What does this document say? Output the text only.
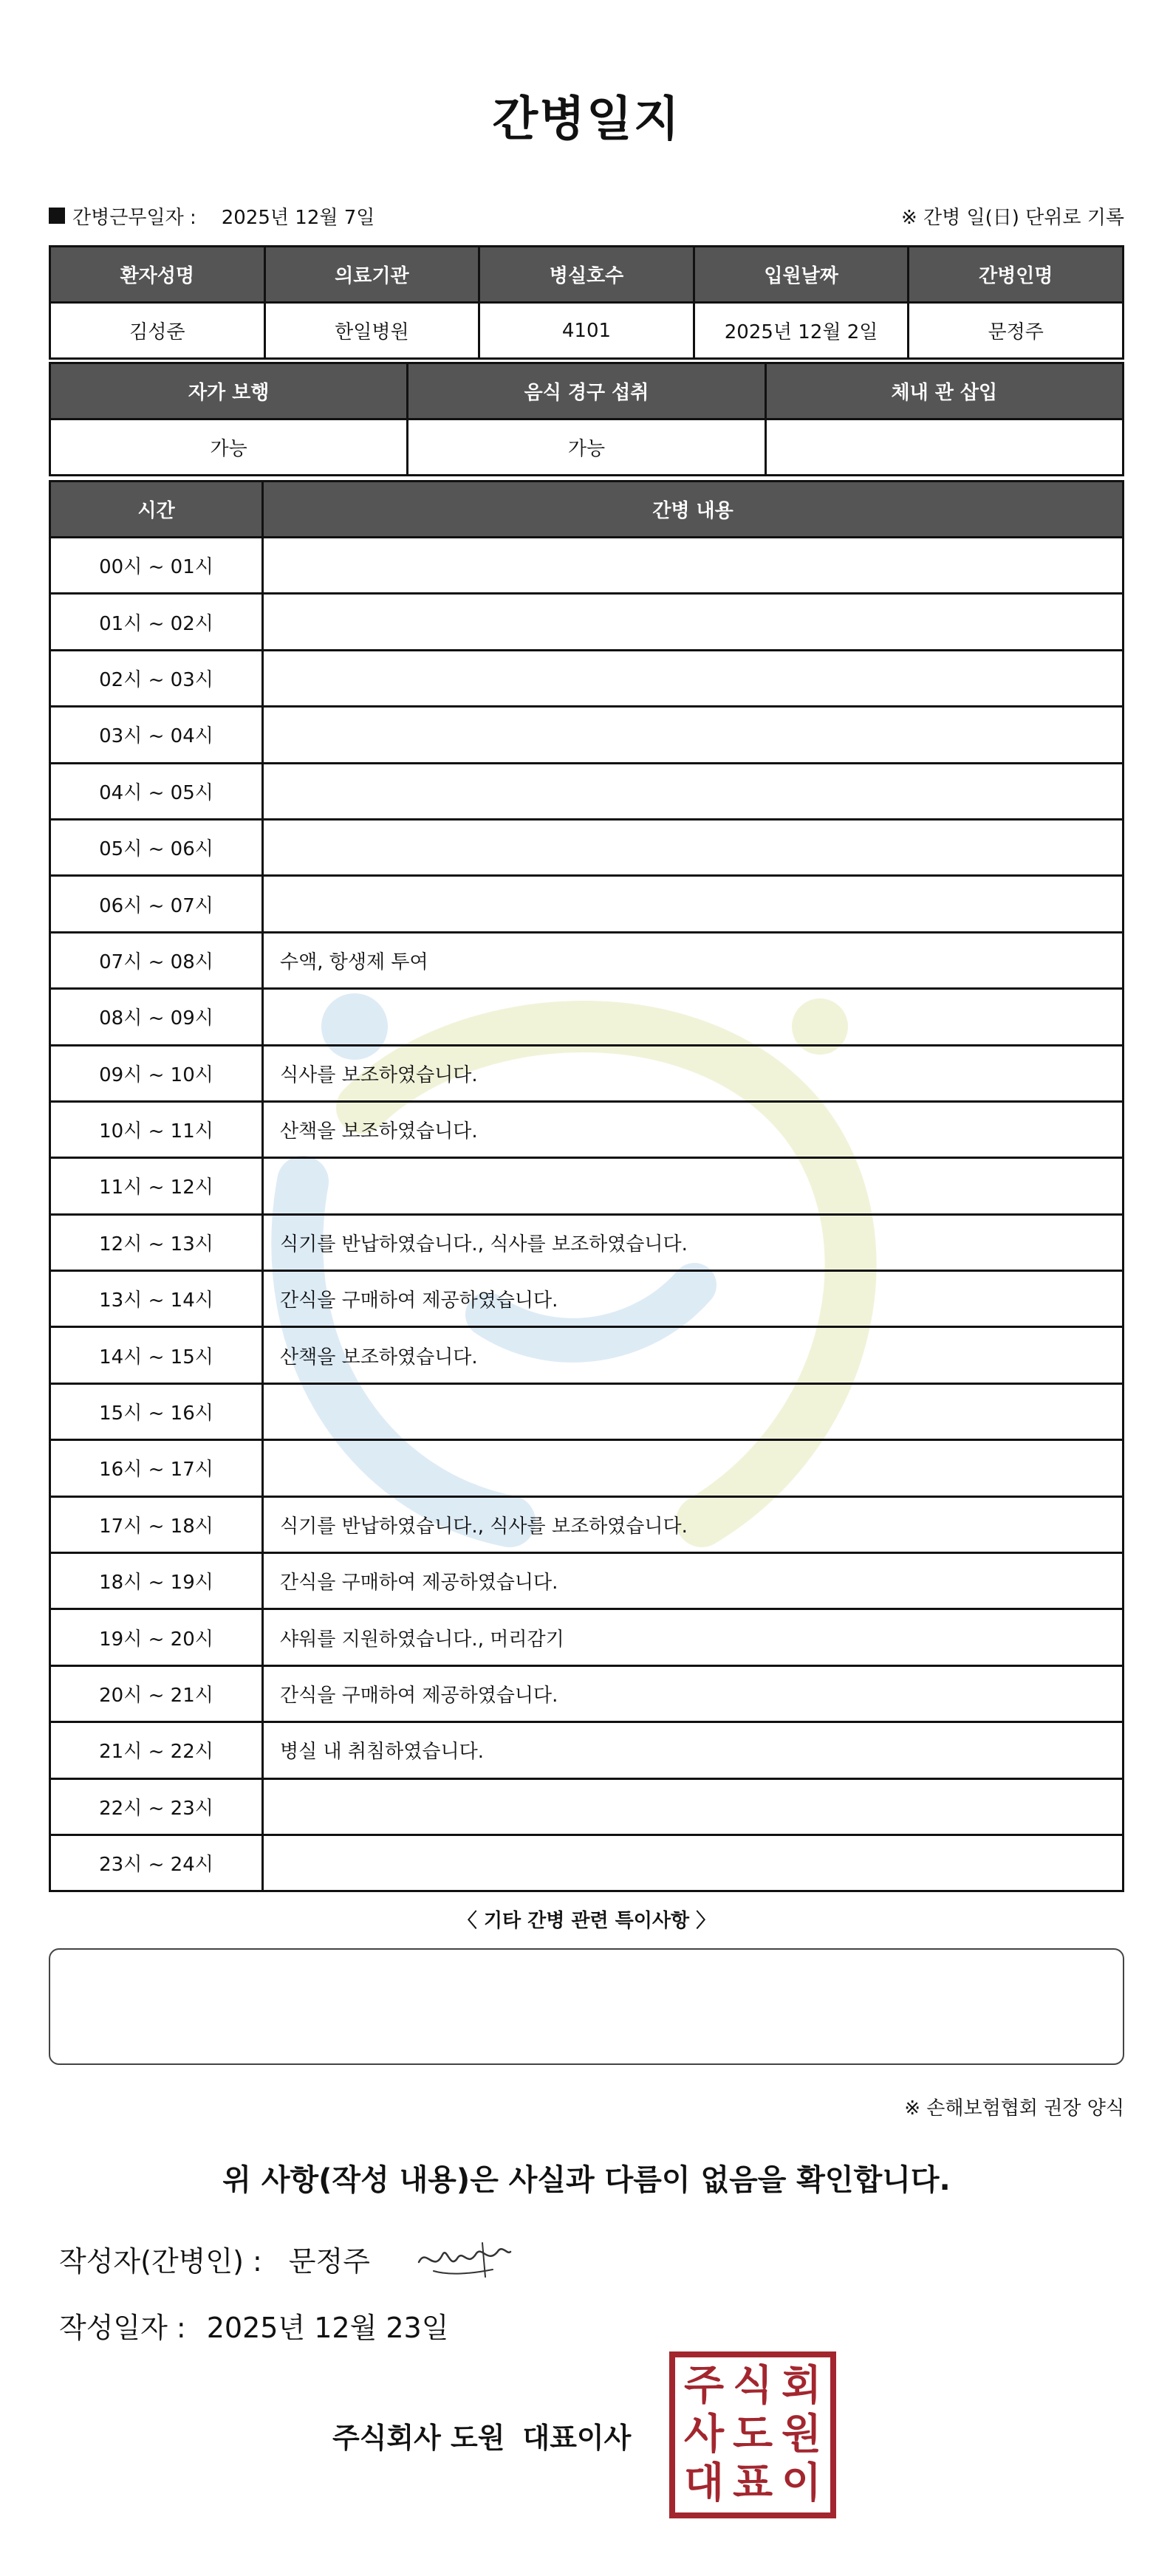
간병일지
간병근무일자 : 2025년 12월 7일	※ 간병 일(日) 단위로 기록
환자성명	의료기관	병실호수	입원날짜	간병인명
김성준	한일병원	4101	2025년 12월 2일	문정주
자가 보행	음식 경구 섭취	체내 관 삽입
가능	가능	
시간	간병 내용
00시 ~ 01시	
01시 ~ 02시	
02시 ~ 03시	
03시 ~ 04시	
04시 ~ 05시	
05시 ~ 06시	
06시 ~ 07시	
07시 ~ 08시	수액, 항생제 투여
08시 ~ 09시	
09시 ~ 10시	식사를 보조하였습니다.
10시 ~ 11시	산책을 보조하였습니다.
11시 ~ 12시	
12시 ~ 13시	식기를 반납하였습니다., 식사를 보조하였습니다.
13시 ~ 14시	간식을 구매하여 제공하였습니다.
14시 ~ 15시	산책을 보조하였습니다.
15시 ~ 16시	
16시 ~ 17시	
17시 ~ 18시	식기를 반납하였습니다., 식사를 보조하였습니다.
18시 ~ 19시	간식을 구매하여 제공하였습니다.
19시 ~ 20시	샤워를 지원하였습니다., 머리감기
20시 ~ 21시	간식을 구매하여 제공하였습니다.
21시 ~ 22시	병실 내 취침하였습니다.
22시 ~ 23시	
23시 ~ 24시	
〈 기타 간병 관련 특이사항 〉
※ 손해보험협회 권장 양식
위 사항(작성 내용)은 사실과 다름이 없음을 확인합니다.
작성자(간병인) : 문정주
작성일자 : 2025년 12월 23일
주식회사 도원 대표이사
주 식 회
사 도 원
대 표 이
